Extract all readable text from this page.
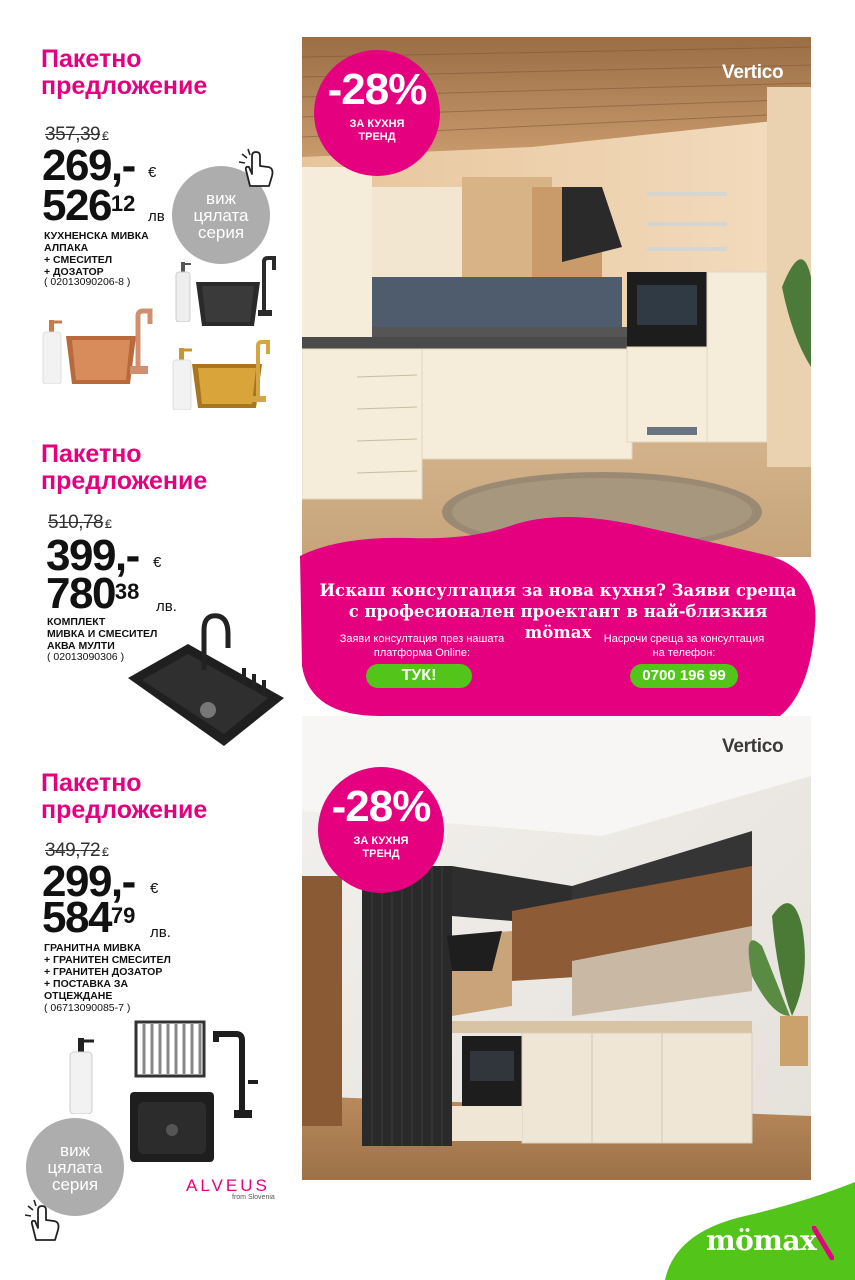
Пакетно
предложение
357,39 €
269,- €
$526^{12}$
лв
КУХНЕНСКА МИВКА
АЛПАКА
+ СМЕСИТЕЛ
+ ДОЗАТОР
( 02013090206-8 )
виж
цялата
серия
Пакетно
предложение
510,78 €
399,- €
$780^{38}$
лв.
КОМПЛЕКТ
МИВКА И СМЕСИТЕЛ
АКВА МУЛТИ
( 02013090306 )
Пакетно
предложение
349,72 €
299,- €
$584^{79}$
лв.
ГРАНИТНА МИВКА
+ ГРАНИТЕН СМЕСИТЕЛ
+ ГРАНИТЕН ДОЗАТОР
+ ПОСТАВКА ЗА
ОТЦЕЖДАНЕ
( 06713090085-7 )
виж
цялата
серия	ALVEUS
from Slovenia
-28%
ЗА КУХНЯ
ТРЕНД
Vertico
Искаш консултация за нова кухня? Заяви среща
с професионален проектант в най-близкия mömax
Заяви консултация през нашата
платформа Online:
ТУК!
Насрочи среща за консултация
на телефон:
0700 196 99
-28%
ЗА КУХНЯ
ТРЕНД
Vertico
mömax
